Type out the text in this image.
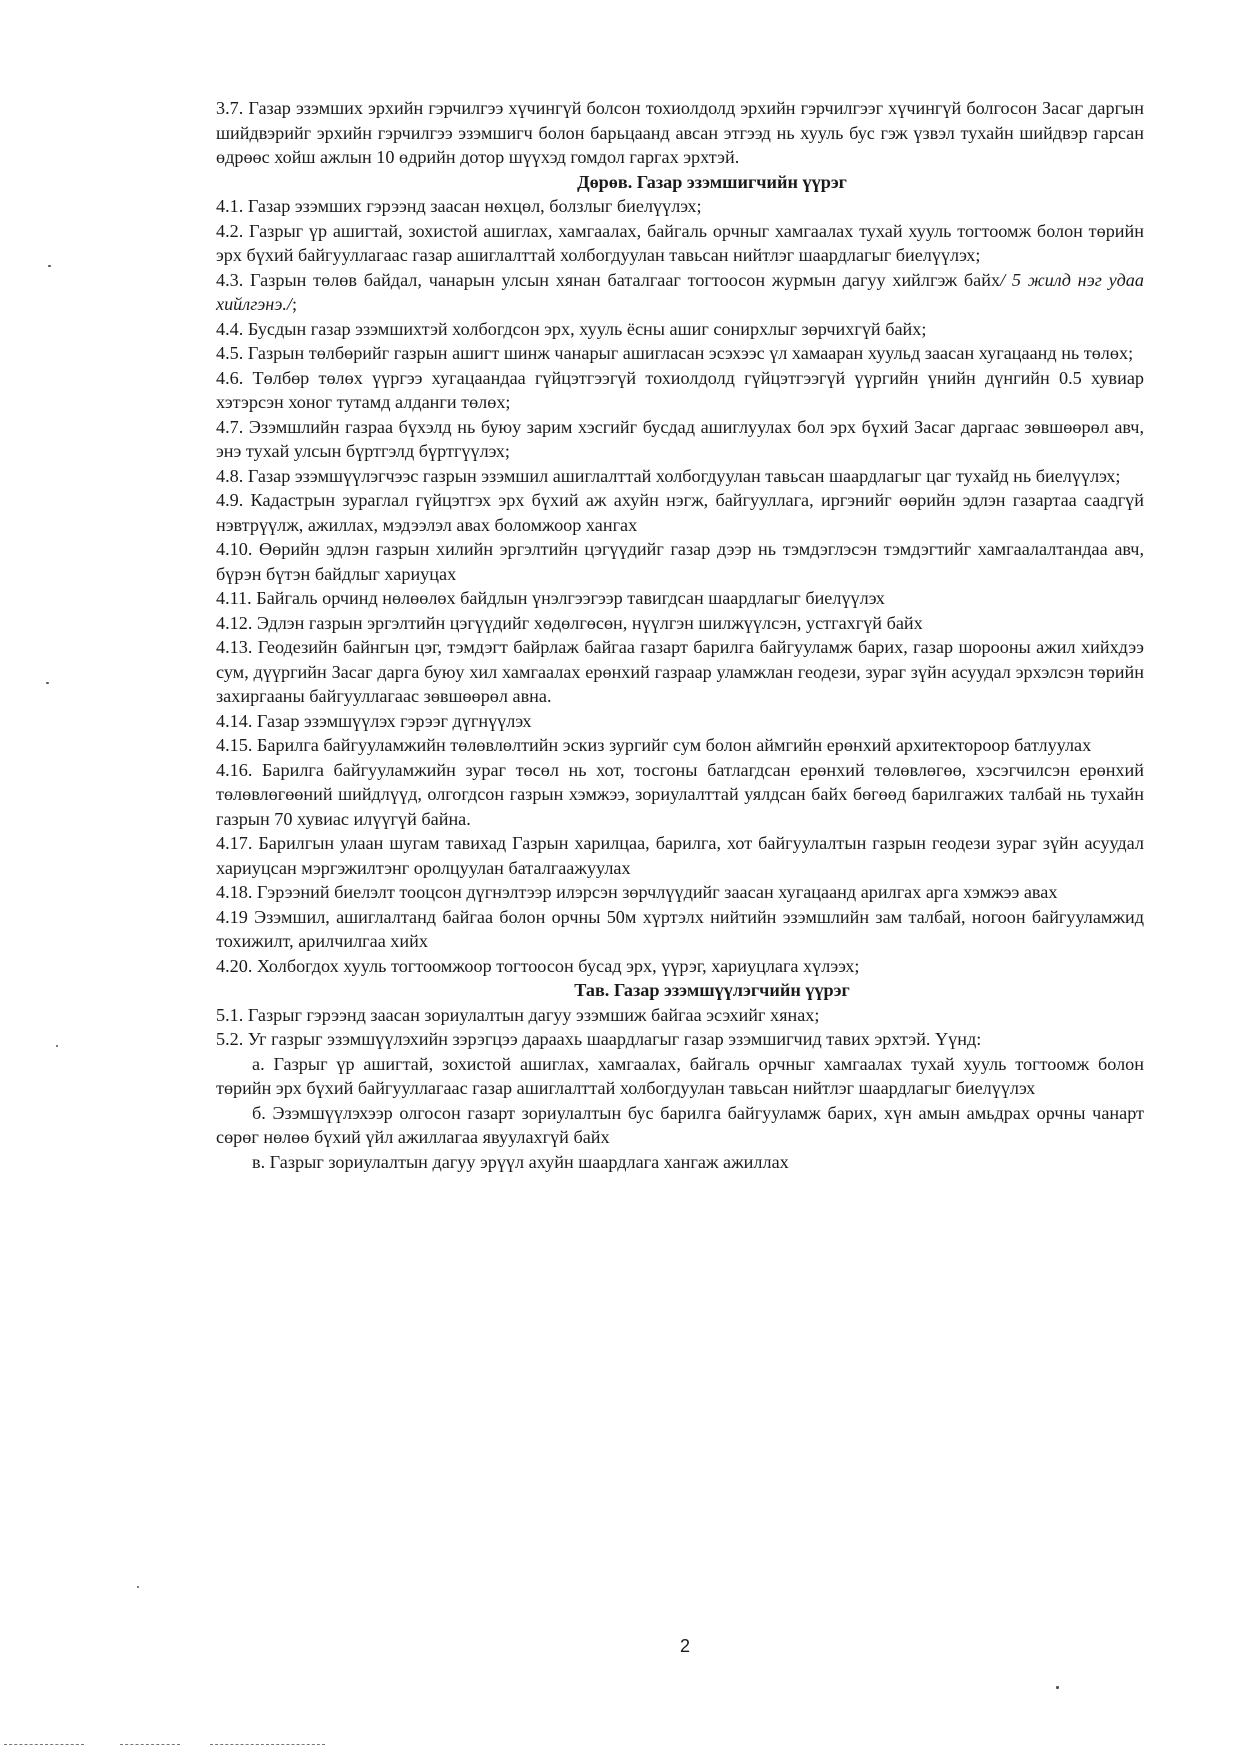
3.7. Газар эзэмших эрхийн гэрчилгээ хүчингүй болсон тохиолдолд эрхийн гэрчилгээг хүчингүй болгосон Засаг даргын шийдвэрийг эрхийн гэрчилгээ эзэмшигч болон барьцаанд авсан этгээд нь хууль бус гэж үзвэл тухайн шийдвэр гарсан өдрөөс хойш ажлын 10 өдрийн дотор шүүхэд гомдол гаргах эрхтэй.

Дөрөв. Газар эзэмшигчийн үүрэг

4.1. Газар эзэмших гэрээнд заасан нөхцөл, болзлыг биелүүлэх;

4.2. Газрыг үр ашигтай, зохистой ашиглах, хамгаалах, байгаль орчныг хамгаалах тухай хууль тогтоомж болон төрийн эрх бүхий байгууллагаас газар ашиглалттай холбогдуулан тавьсан нийтлэг шаардлагыг биелүүлэх;

4.3. Газрын төлөв байдал, чанарын улсын хянан баталгааг тогтоосон журмын дагуу хийлгэж байх/ 5 жилд нэг удаа хийлгэнэ./;

4.4. Бусдын газар эзэмшихтэй холбогдсон эрх, хууль ёсны ашиг сонирхлыг зөрчихгүй байх;

4.5. Газрын төлбөрийг газрын ашигт шинж чанарыг ашигласан эсэхээс үл хамааран хуульд заасан хугацаанд нь төлөх;

4.6. Төлбөр төлөх үүргээ хугацаандаа гүйцэтгээгүй тохиолдолд гүйцэтгээгүй үүргийн үнийн дүнгийн 0.5 хувиар хэтэрсэн хоног тутамд алданги төлөх;

4.7. Эзэмшлийн газраа бүхэлд нь буюу зарим хэсгийг бусдад ашиглуулах бол эрх бүхий Засаг даргаас зөвшөөрөл авч, энэ тухай улсын бүртгэлд бүртгүүлэх;

4.8. Газар эзэмшүүлэгчээс газрын эзэмшил ашиглалттай холбогдуулан тавьсан шаардлагыг цаг тухайд нь биелүүлэх;

4.9. Кадастрын зураглал гүйцэтгэх эрх бүхий аж ахуйн нэгж, байгууллага, иргэнийг өөрийн эдлэн газартаа саадгүй нэвтрүүлж, ажиллах, мэдээлэл авах боломжоор хангах

4.10. Өөрийн эдлэн газрын хилийн эргэлтийн цэгүүдийг газар дээр нь тэмдэглэсэн тэмдэгтийг хамгаалалтандаа авч, бүрэн бүтэн байдлыг хариуцах

4.11. Байгаль орчинд нөлөөлөх байдлын үнэлгээгээр тавигдсан шаардлагыг биелүүлэх

4.12. Эдлэн газрын эргэлтийн цэгүүдийг хөдөлгөсөн, нүүлгэн шилжүүлсэн, устгахгүй байх

4.13. Геодезийн байнгын цэг, тэмдэгт байрлаж байгаа газарт барилга байгууламж барих, газар шорооны ажил хийхдээ сум, дүүргийн Засаг дарга буюу хил хамгаалах ерөнхий газраар уламжлан геодези, зураг зүйн асуудал эрхэлсэн төрийн захиргааны байгууллагаас зөвшөөрөл авна.

4.14. Газар эзэмшүүлэх гэрээг дүгнүүлэх

4.15. Барилга байгууламжийн төлөвлөлтийн эскиз зургийг сум болон аймгийн ерөнхий архитектороор батлуулах

4.16. Барилга байгууламжийн зураг төсөл нь хот, тосгоны батлагдсан ерөнхий төлөвлөгөө, хэсэгчилсэн ерөнхий төлөвлөгөөний шийдлүүд, олгогдсон газрын хэмжээ, зориулалттай уялдсан байх бөгөөд барилгажих талбай нь тухайн газрын 70 хувиас илүүгүй байна.

4.17. Барилгын улаан шугам тавихад Газрын харилцаа, барилга, хот байгуулалтын газрын геодези зураг зүйн асуудал хариуцсан мэргэжилтэнг оролцуулан баталгаажуулах

4.18. Гэрээний биелэлт тооцсон дүгнэлтээр илэрсэн зөрчлүүдийг заасан хугацаанд арилгах арга хэмжээ авах

4.19 Эзэмшил, ашиглалтанд байгаа болон орчны 50м хүртэлх нийтийн эзэмшлийн зам талбай, ногоон байгууламжид тохижилт, арилчилгаа хийх

4.20. Холбогдох хууль тогтоомжоор тогтоосон бусад эрх, үүрэг, хариуцлага хүлээх;

Тав. Газар эзэмшүүлэгчийн үүрэг

5.1. Газрыг гэрээнд заасан зориулалтын дагуу эзэмшиж байгаа эсэхийг хянах;

5.2. Уг газрыг эзэмшүүлэхийн зэрэгцээ дараахь шаардлагыг газар эзэмшигчид тавих эрхтэй. Үүнд:

а. Газрыг үр ашигтай, зохистой ашиглах, хамгаалах, байгаль орчныг хамгаалах тухай хууль тогтоомж болон төрийн эрх бүхий байгууллагаас газар ашиглалттай холбогдуулан тавьсан нийтлэг шаардлагыг биелүүлэх

б. Эзэмшүүлэхээр олгосон газарт зориулалтын бус барилга байгууламж барих, хүн амын амьдрах орчны чанарт сөрөг нөлөө бүхий үйл ажиллагаа явуулахгүй байх

в. Газрыг зориулалтын дагуу эрүүл ахуйн шаардлага хангаж ажиллах

2
